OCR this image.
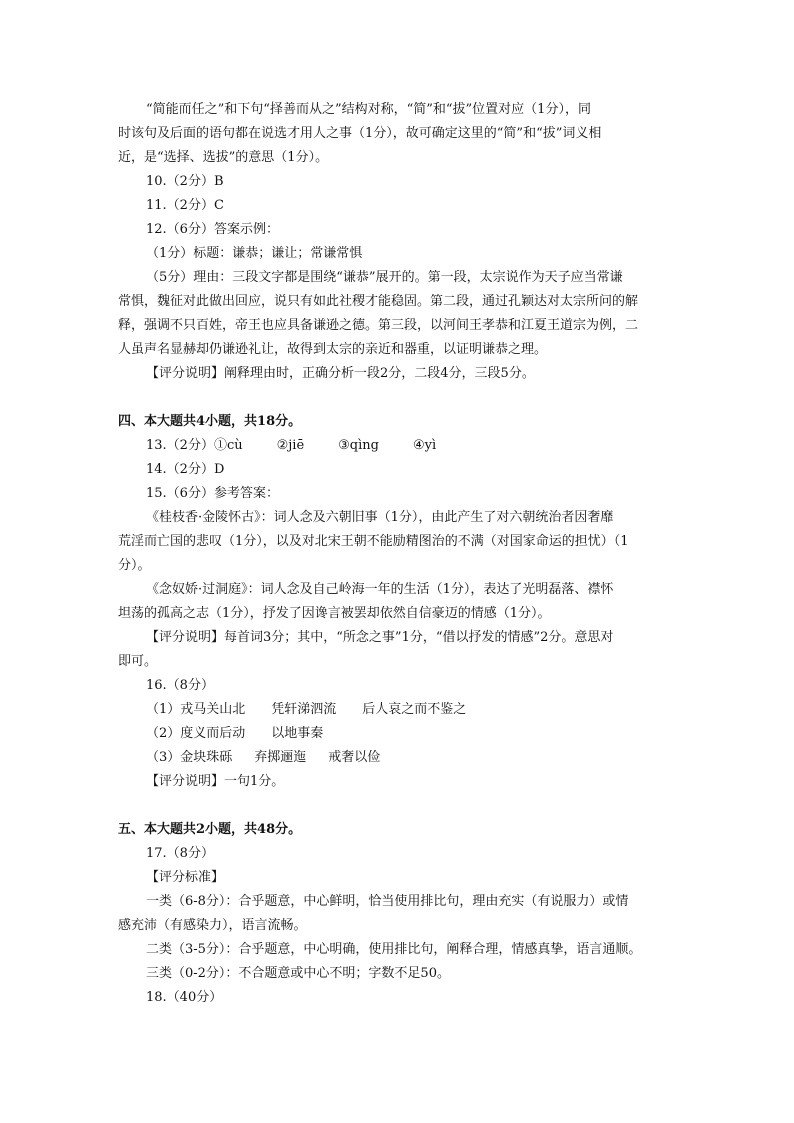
“简能而任之”和下句“择善而从之”结构对称，“简”和“拔”位置对应（1分），同
时该句及后面的语句都在说选才用人之事（1分），故可确定这里的“简”和“拔”词义相
近，是“选择、选拔”的意思（1分）。
10.（2分）B
11.（2分）C
12.（6分）答案示例：
（1分）标题：谦恭；谦让；常谦常惧
（5分）理由：三段文字都是围绕“谦恭”展开的。第一段，太宗说作为天子应当常谦
常惧，魏征对此做出回应，说只有如此社稷才能稳固。第二段，通过孔颖达对太宗所问的解
释，强调不只百姓，帝王也应具备谦逊之德。第三段，以河间王孝恭和江夏王道宗为例，二
人虽声名显赫却仍谦逊礼让，故得到太宗的亲近和器重，以证明谦恭之理。
【评分说明】阐释理由时，正确分析一段2分，二段4分，三段5分。
四、本大题共4小题，共18分。
13.（2分）①cù	②jiē	③qìng	④yì
14.（2分）D
15.（6分）参考答案：
《桂枝香·金陵怀古》：词人念及六朝旧事（1分），由此产生了对六朝统治者因奢靡
荒淫而亡国的悲叹（1分），以及对北宋王朝不能励精图治的不满（对国家命运的担忧）（1
分）。
《念奴娇·过洞庭》：词人念及自己岭海一年的生活（1分），表达了光明磊落、襟怀
坦荡的孤高之志（1分），抒发了因谗言被罢却依然自信豪迈的情感（1分）。
【评分说明】每首词3分；其中，“所念之事”1分，“借以抒发的情感”2分。意思对
即可。
16.（8分）
（1）戎马关山北 凭轩涕泗流 后人哀之而不鉴之
（2）度义而后动 以地事秦
（3）金块珠砾 弃掷逦迤 戒奢以俭
【评分说明】一句1分。
五、本大题共2小题，共48分。
17.（8分）
【评分标准】
一类（6-8分）：合乎题意，中心鲜明，恰当使用排比句，理由充实（有说服力）或情
感充沛（有感染力），语言流畅。
二类（3-5分）：合乎题意，中心明确，使用排比句，阐释合理，情感真挚，语言通顺。
三类（0-2分）：不合题意或中心不明；字数不足50。
18.（40分）
